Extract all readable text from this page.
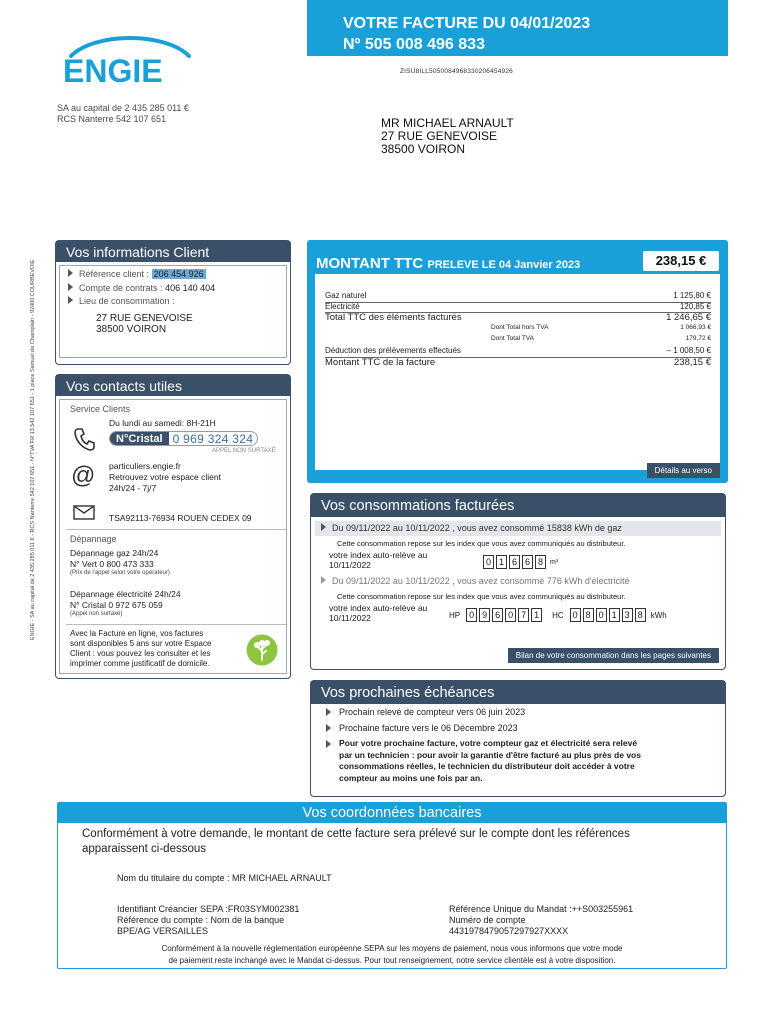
VOTRE FACTURE DU 04/01/2023
Nº 505 008 496 833
ENGIE
SA au capital de 2 435 285 011 €
RCS Nanterre 542 107 651
ZISU8ILL505008496833020645492​6
MR MICHAEL ARNAULT
27 RUE GENEVOISE
38500 VOIRON
ENGIE - SA au capital de 2 435 285 011 € - RCS Nanterre 542 107 651 - N°TVA FR 13 542 107 651 - 1 place Samuel de Champlain - 92400 COURBEVOIE
Vos informations Client
Référence client : 206 454 926
Compte de contrats : 406 140 404
Lieu de consommation :
27 RUE GENEVOISE
38500 VOIRON
Vos contacts utiles
Service Clients
Du lundi au samedi: 8H-21H
N°Cristal 0 969 324 324
APPEL NON SURTAXÉ
@ particuliers.engie.fr
Retrouvez votre espace client
24h/24 - 7j/7
TSA92113-76934 ROUEN CEDEX 09
Dépannage
Dépannage gaz 24h/24
N° Vert 0 800 473 333
(Prix de l'appel selon votre opérateur)
Dépannage électricité 24h/24
N° Cristal 0 972 675 059
(Appel non surtaxé)
Avec la Facture en ligne, vos factures
sont disponibles 5 ans sur votre Espace
Client : vous pouvez les consulter et les
imprimer comme justificatif de domicile.
MONTANT TTC PRELEVE LE 04 Janvier 2023	238,15 €
Gaz naturel	1 125,80 €
Electricité	120,85 €
Total TTC des éléments facturés	1 246,65 €
Dont Total hors TVA	1 066,93 €
Dont Total TVA	179,72 €
Déduction des prélèvements effectués	– 1 008,50 €
Montant TTC de la facture	238,15 €
Détails au verso
Vos consommations facturées
Du 09/11/2022 au 10/11/2022 , vous avez consommé 15838 kWh de gaz
Cette consommation repose sur les index que vous avez communiqués au distributeur.
votre index auto-relève au
10/11/2022	0 1 6 6 8	m³
Du 09/11/2022 au 10/11/2022 , vous avez consommé 776 kWh d'électricité
Cette consommation repose sur les index que vous avez communiqués au distributeur.
votre index auto-relève au
10/11/2022	HP 0 9 6 0 7 1	HC 0 8 0 1 3 8	kWh
Bilan de votre consommation dans les pages suivantes
Vos prochaines échéances
Prochain relevé de compteur vers 06 juin 2023
Prochaine facture vers le 06 Décembre 2023
Pour votre prochaine facture, votre compteur gaz et électricité sera relevé
par un technicien : pour avoir la garantie d'être facturé au plus près de vos
consommations réelles, le technicien du distributeur doit accéder à votre
compteur au moins une fois par an.
Vos coordonnées bancaires
Conformément à votre demande, le montant de cette facture sera prélevé sur le compte dont les références
apparaissent ci-dessous
Nom du titulaire du compte : MR MICHAEL ARNAULT
Identifiant Créancier SEPA :FR03SYM002381
Référence du compte : Nom de la banque
BPE/AG VERSAILLES
Référence Unique du Mandat :++S003255961
Numéro de compte
4431978479057297927XXXX
Conformément à la nouvelle réglementation européenne SEPA sur les moyens de paiement, nous vous informons que votre mode
de paiement reste inchangé avec le Mandat ci-dessus. Pour tout renseignement, notre service clientèle est à votre disposition.
